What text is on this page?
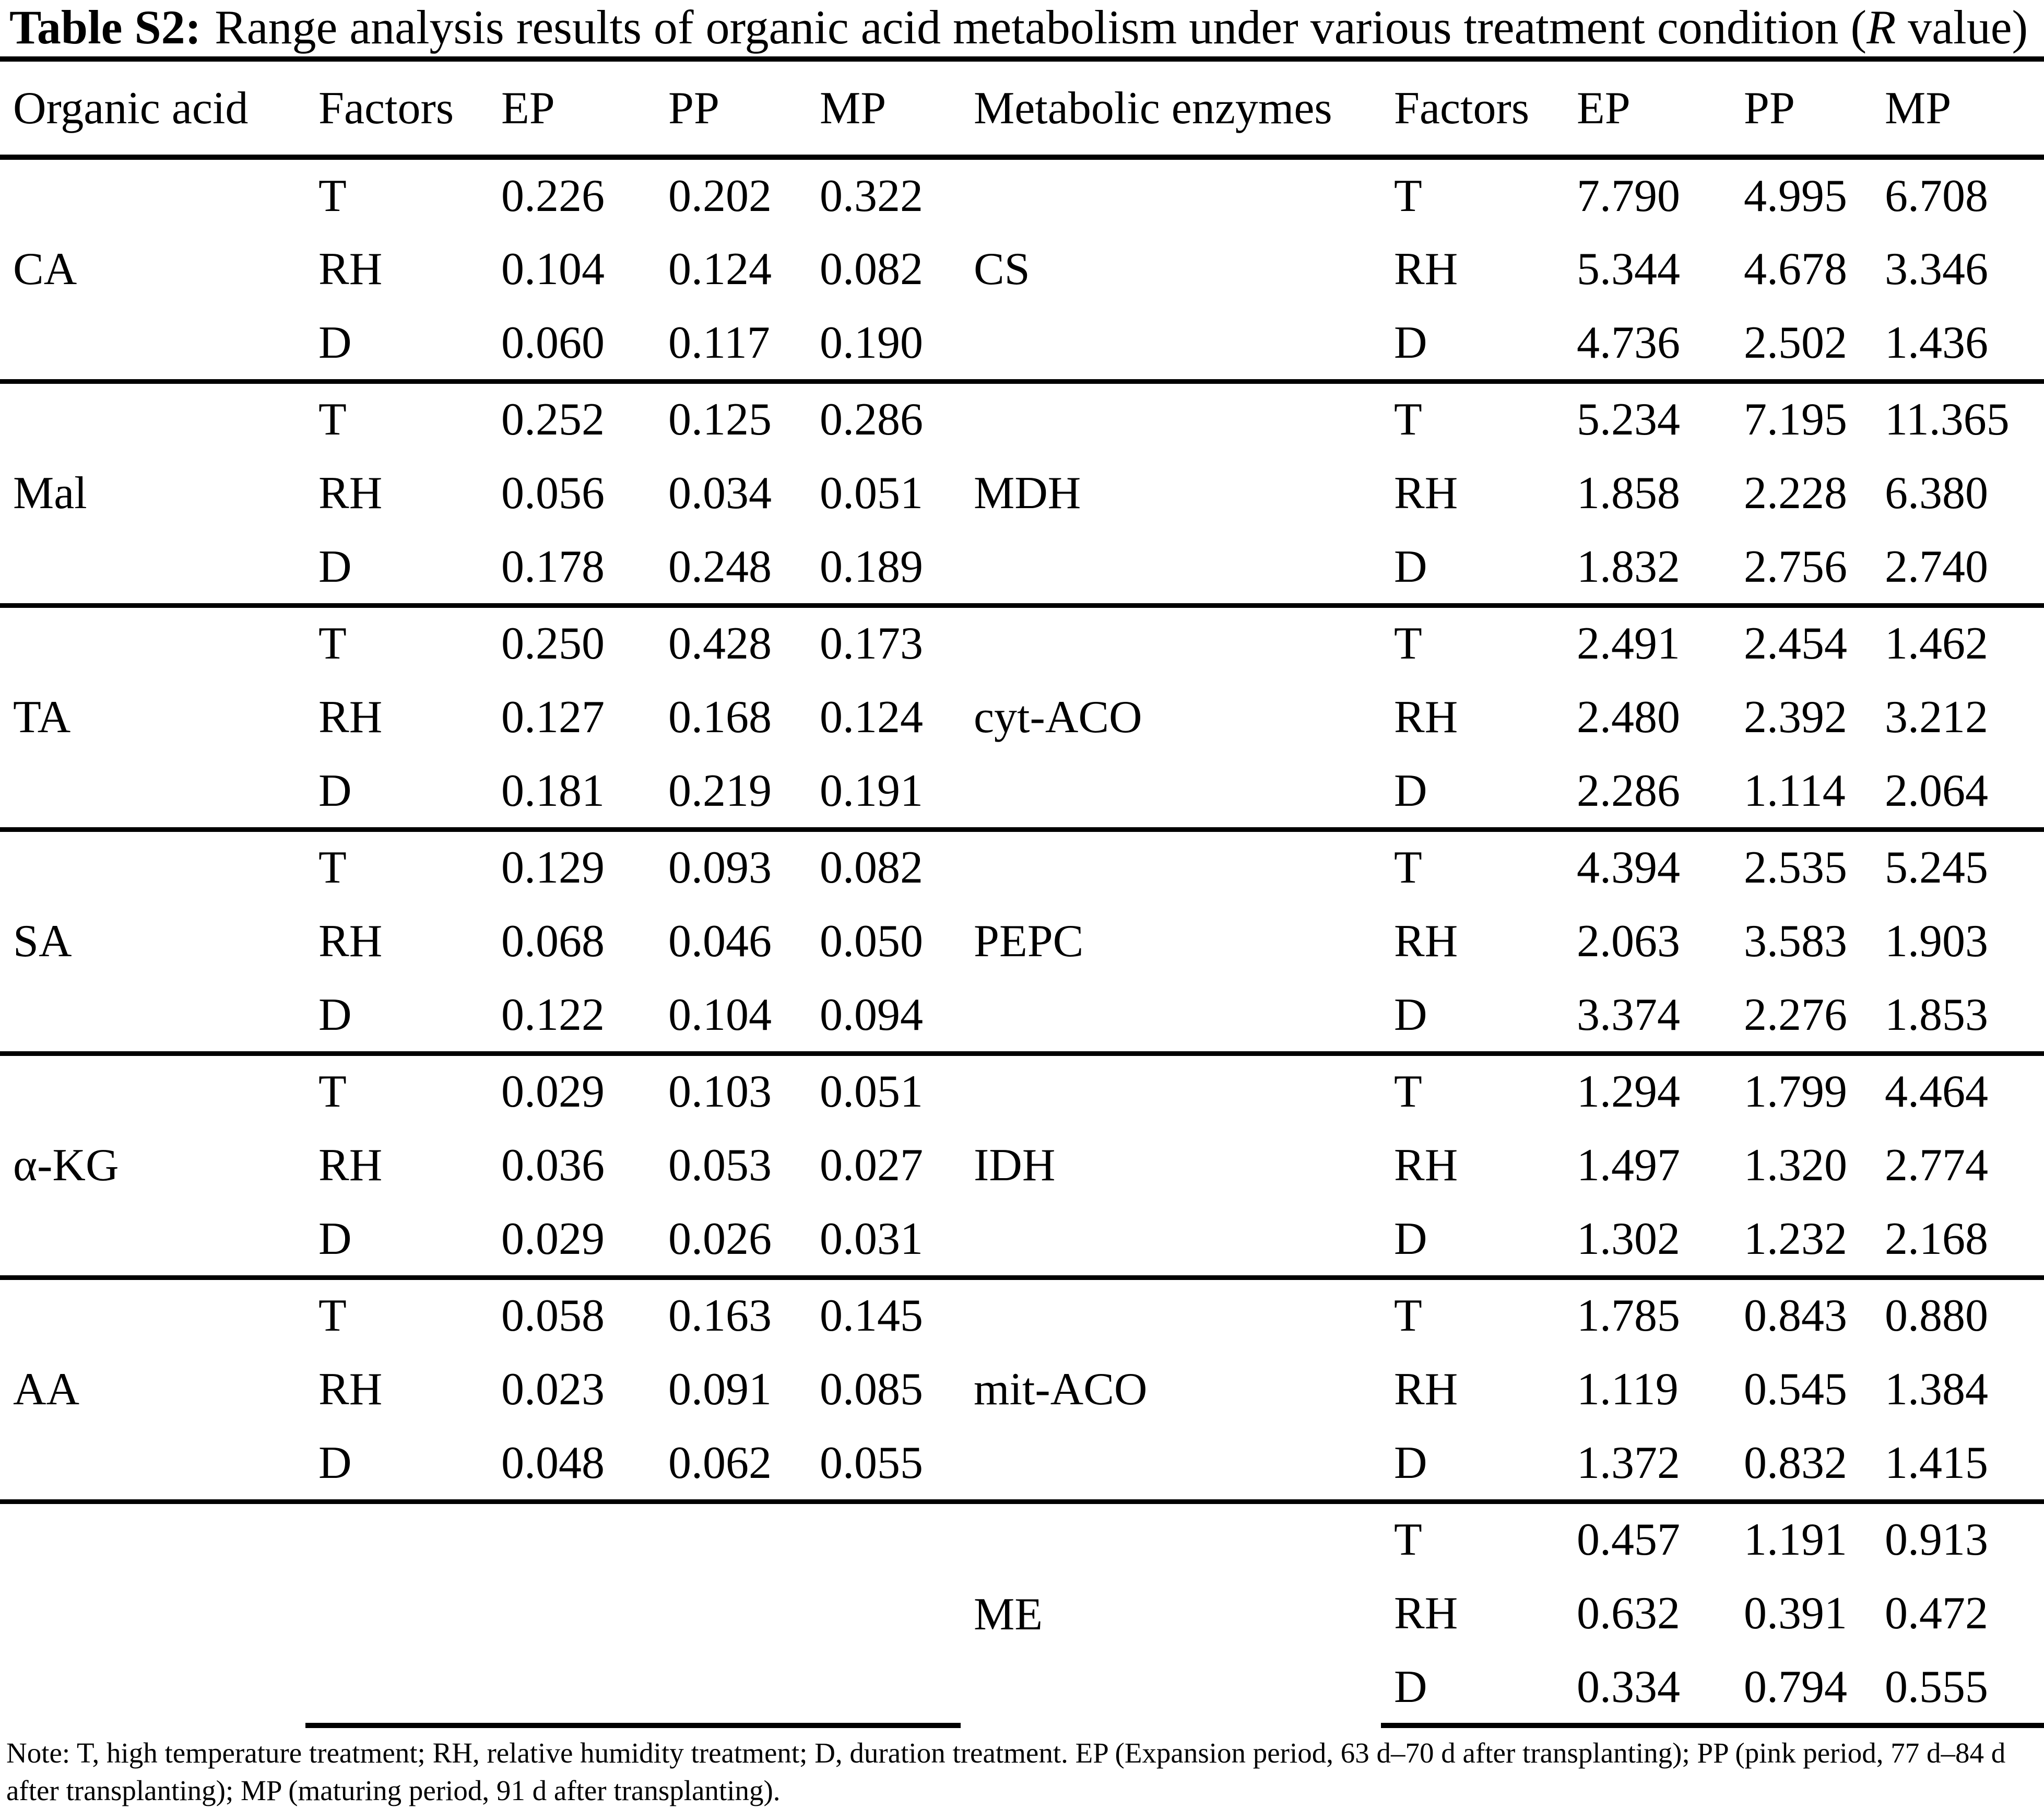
Table S2: Range analysis results of organic acid metabolism under various treatment condition (R value)
Organic acid	Factors	EP	PP	MP	Metabolic enzymes	Factors	EP	PP	MP
CA	T	0.226	0.202	0.322	CS	T	7.790	4.995	6.708
	RH	0.104	0.124	0.082		RH	5.344	4.678	3.346
	D	0.060	0.117	0.190		D	4.736	2.502	1.436
Mal	T	0.252	0.125	0.286	MDH	T	5.234	7.195	11.365
	RH	0.056	0.034	0.051		RH	1.858	2.228	6.380
	D	0.178	0.248	0.189		D	1.832	2.756	2.740
TA	T	0.250	0.428	0.173	cyt-ACO	T	2.491	2.454	1.462
	RH	0.127	0.168	0.124		RH	2.480	2.392	3.212
	D	0.181	0.219	0.191		D	2.286	1.114	2.064
SA	T	0.129	0.093	0.082	PEPC	T	4.394	2.535	5.245
	RH	0.068	0.046	0.050		RH	2.063	3.583	1.903
	D	0.122	0.104	0.094		D	3.374	2.276	1.853
α-KG	T	0.029	0.103	0.051	IDH	T	1.294	1.799	4.464
	RH	0.036	0.053	0.027		RH	1.497	1.320	2.774
	D	0.029	0.026	0.031		D	1.302	1.232	2.168
AA	T	0.058	0.163	0.145	mit-ACO	T	1.785	0.843	0.880
	RH	0.023	0.091	0.085		RH	1.119	0.545	1.384
	D	0.048	0.062	0.055		D	1.372	0.832	1.415
					ME	T	0.457	1.191	0.913
						RH	0.632	0.391	0.472
						D	0.334	0.794	0.555
Note: T, high temperature treatment; RH, relative humidity treatment; D, duration treatment. EP (Expansion period, 63 d–70 d after transplanting); PP (pink period, 77 d–84 d after transplanting); MP (maturing period, 91 d after transplanting).
